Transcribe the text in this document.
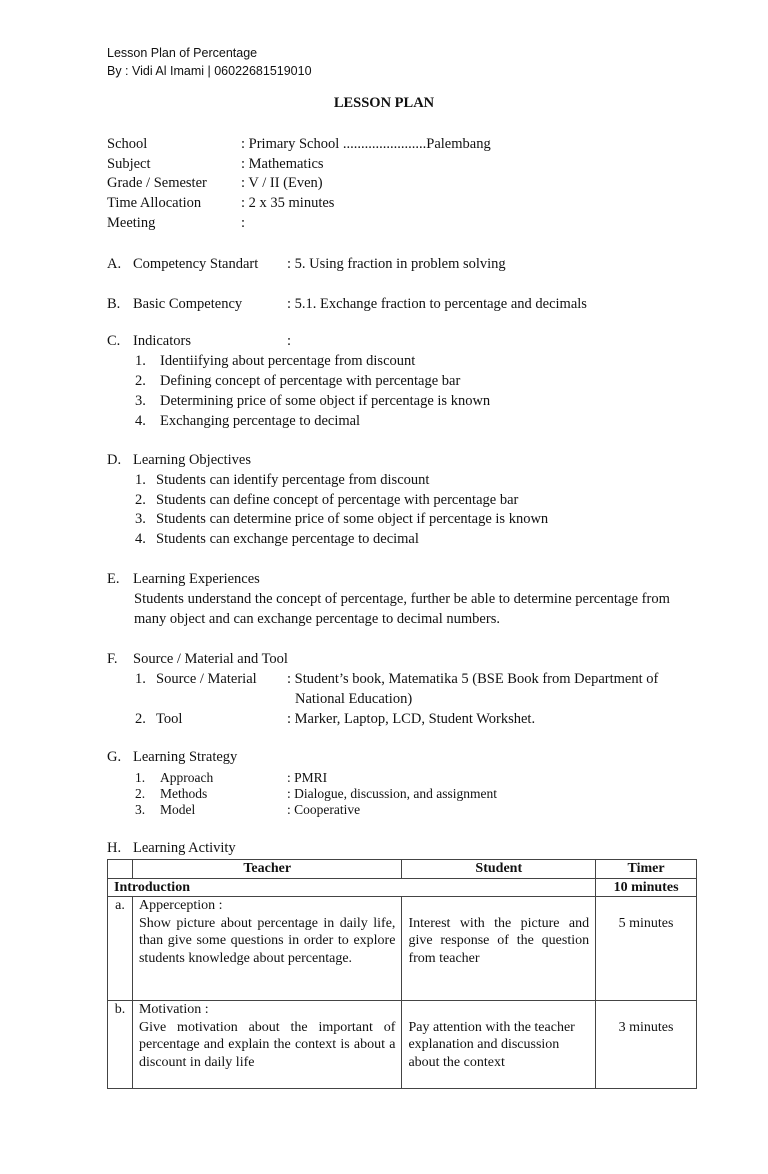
Lesson Plan of Percentage
By : Vidi Al Imami | 06022681519010
LESSON PLAN
School	: Primary School .......................Palembang
Subject	: Mathematics
Grade / Semester : V / II (Even)
Time Allocation	: 2 x 35 minutes
Meeting	:
A. Competency Standart : 5. Using fraction in problem solving
B. Basic Competency	: 5.1. Exchange fraction to percentage and decimals
C. Indicators	:
1. Identiifying about percentage from discount
2. Defining concept of percentage with percentage bar
3. Determining price of some object if percentage is known
4. Exchanging percentage to decimal
D. Learning Objectives
1. Students can identify percentage from discount
2. Students can define concept of percentage with percentage bar
3. Students can determine price of some object if percentage is known
4. Students can exchange percentage to decimal
E. Learning Experiences
Students understand the concept of percentage, further be able to determine percentage from
many object and can exchange percentage to decimal numbers.
F. Source / Material and Tool
1. Source / Material : Student’s book, Matematika 5 (BSE Book from Department of
National Education)
2. Tool	: Marker, Laptop, LCD, Student Workshet.
G. Learning Strategy
1. Approach	: PMRI
2. Methods	: Dialogue, discussion, and assignment
3. Model	: Cooperative
H. Learning Activity
	Teacher	Student	Timer
Introduction			10 minutes
a.	Apperception :
Show picture about percentage in daily life, than give some questions in order to explore students knowledge about percentage.	Interest with the picture and give response of the question from teacher	5 minutes

b.	Motivation :
Give motivation about the important of percentage and explain the context is about a discount in daily life	Pay attention with the teacher explanation and discussion about the context	3 minutes
